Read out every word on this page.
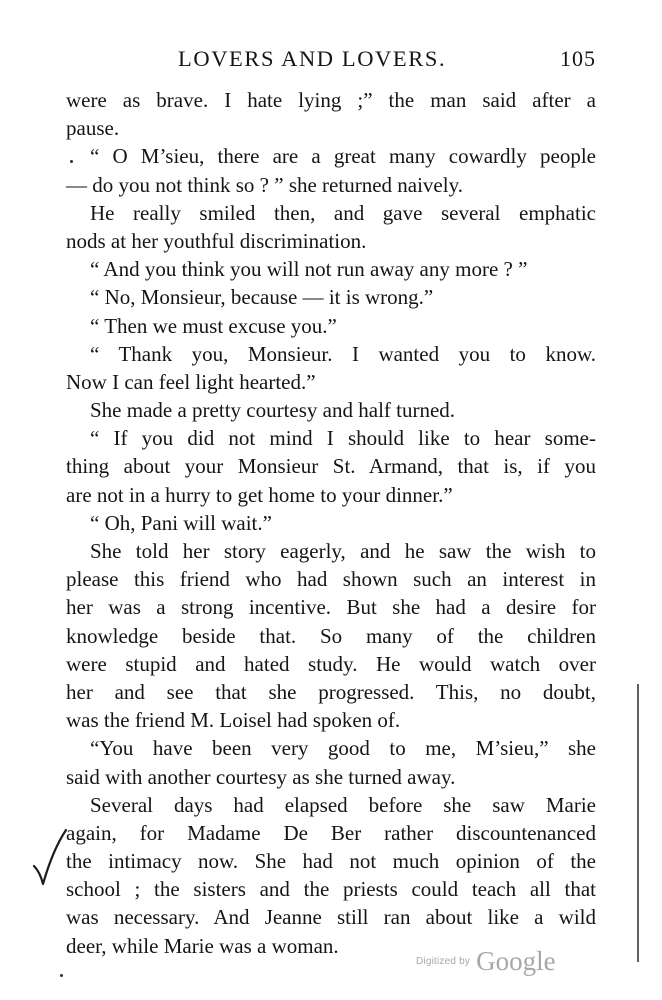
LOVERS AND LOVERS.	105
were as brave. I hate lying ;” the man said after a
pause.
“ O M’sieu, there are a great many cowardly people
— do you not think so ? ” she returned naively.
He really smiled then, and gave several emphatic
nods at her youthful discrimination.
“ And you think you will not run away any more ? ”
“ No, Monsieur, because — it is wrong.”
“ Then we must excuse you.”
“ Thank you, Monsieur. I wanted you to know.
Now I can feel light hearted.”
She made a pretty courtesy and half turned.
“ If you did not mind I should like to hear some-
thing about your Monsieur St. Armand, that is, if you
are not in a hurry to get home to your dinner.”
“ Oh, Pani will wait.”
She told her story eagerly, and he saw the wish to
please this friend who had shown such an interest in
her was a strong incentive. But she had a desire for
knowledge beside that. So many of the children
were stupid and hated study. He would watch over
her and see that she progressed. This, no doubt,
was the friend M. Loisel had spoken of.
“You have been very good to me, M’sieu,” she
said with another courtesy as she turned away.
Several days had elapsed before she saw Marie
again, for Madame De Ber rather discountenanced
the intimacy now. She had not much opinion of the
school ; the sisters and the priests could teach all that
was necessary. And Jeanne still ran about like a wild
deer, while Marie was a woman.
Digitized by Google
